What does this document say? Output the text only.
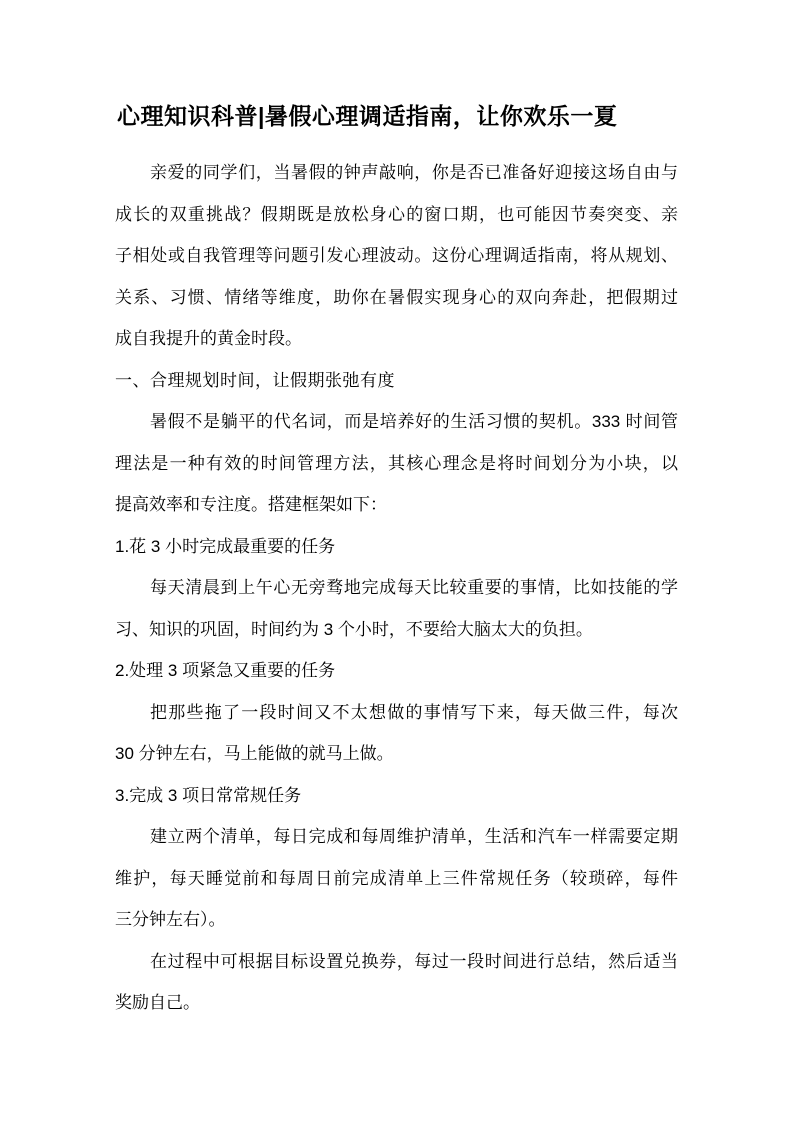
心理知识科普|暑假心理调适指南，让你欢乐一夏
亲爱的同学们，当暑假的钟声敲响，你是否已准备好迎接这场自由与
成长的双重挑战？假期既是放松身心的窗口期，也可能因节奏突变、亲
子相处或自我管理等问题引发心理波动。这份心理调适指南，将从规划、
关系、习惯、情绪等维度，助你在暑假实现身心的双向奔赴，把假期过
成自我提升的黄金时段。
一、合理规划时间，让假期张弛有度
暑假不是躺平的代名词，而是培养好的生活习惯的契机。333 时间管
理法是一种有效的时间管理方法，其核心理念是将时间划分为小块，以
提高效率和专注度。搭建框架如下：
1.花 3 小时完成最重要的任务
每天清晨到上午心无旁骛地完成每天比较重要的事情，比如技能的学
习、知识的巩固，时间约为 3 个小时，不要给大脑太大的负担。
2.处理 3 项紧急又重要的任务
把那些拖了一段时间又不太想做的事情写下来，每天做三件，每次
30 分钟左右，马上能做的就马上做。
3.完成 3 项日常常规任务
建立两个清单，每日完成和每周维护清单，生活和汽车一样需要定期
维护，每天睡觉前和每周日前完成清单上三件常规任务（较琐碎，每件
三分钟左右）。
在过程中可根据目标设置兑换券，每过一段时间进行总结，然后适当
奖励自己。
